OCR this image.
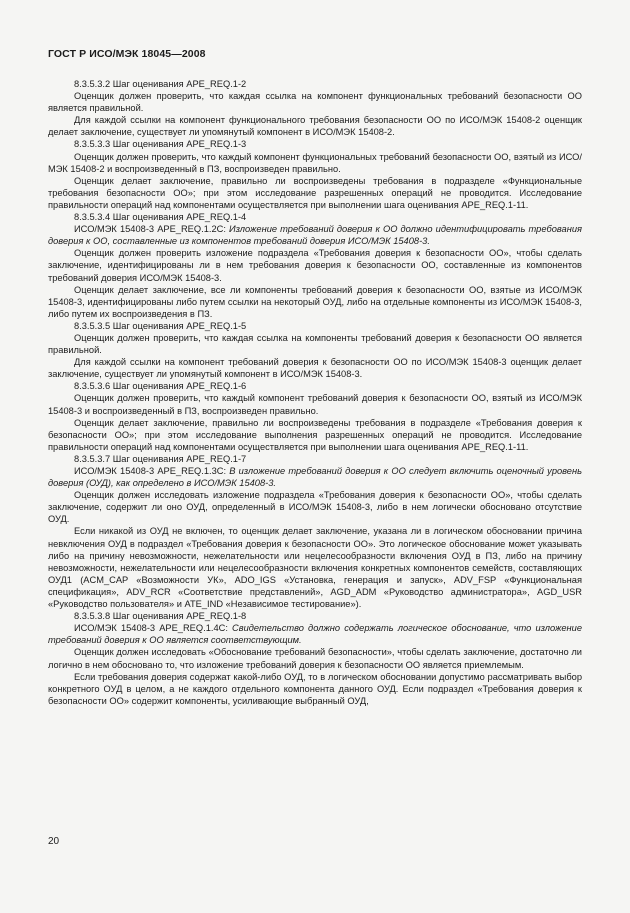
ГОСТ Р ИСО/МЭК 18045—2008

8.3.5.3.2 Шаг оценивания APE_REQ.1-2

Оценщик должен проверить, что каждая ссылка на компонент функциональных требований безопасности ОО является правильной.

Для каждой ссылки на компонент функционального требования безопасности ОО по ИСО/МЭК 15408-2 оценщик делает заключение, существует ли упомянутый компонент в ИСО/МЭК 15408-2.

8.3.5.3.3 Шаг оценивания APE_REQ.1-3

Оценщик должен проверить, что каждый компонент функциональных требований безопасности ОО, взятый из ИСО/МЭК 15408-2 и воспроизведенный в ПЗ, воспроизведен правильно.

Оценщик делает заключение, правильно ли воспроизведены требования в подразделе «Функциональные требования безопасности ОО»; при этом исследование разрешенных операций не проводится. Исследование правильности операций над компонентами осуществляется при выполнении шага оценивания APE_REQ.1-11.

8.3.5.3.4 Шаг оценивания APE_REQ.1-4

ИСО/МЭК 15408-3 APE_REQ.1.2C: Изложение требований доверия к ОО должно идентифицировать требования доверия к ОО, составленные из компонентов требований доверия ИСО/МЭК 15408-3.

Оценщик должен проверить изложение подраздела «Требования доверия к безопасности ОО», чтобы сделать заключение, идентифицированы ли в нем требования доверия к безопасности ОО, составленные из компонентов требований доверия ИСО/МЭК 15408-3.

Оценщик делает заключение, все ли компоненты требований доверия к безопасности ОО, взятые из ИСО/МЭК 15408-3, идентифицированы либо путем ссылки на некоторый ОУД, либо на отдельные компоненты из ИСО/МЭК 15408-3, либо путем их воспроизведения в ПЗ.

8.3.5.3.5 Шаг оценивания APE_REQ.1-5

Оценщик должен проверить, что каждая ссылка на компоненты требований доверия к безопасности ОО является правильной.

Для каждой ссылки на компонент требований доверия к безопасности ОО по ИСО/МЭК 15408-3 оценщик делает заключение, существует ли упомянутый компонент в ИСО/МЭК 15408-3.

8.3.5.3.6 Шаг оценивания APE_REQ.1-6

Оценщик должен проверить, что каждый компонент требований доверия к безопасности ОО, взятый из ИСО/МЭК 15408-3 и воспроизведенный в ПЗ, воспроизведен правильно.

Оценщик делает заключение, правильно ли воспроизведены требования в подразделе «Требования доверия к безопасности ОО»; при этом исследование выполнения разрешенных операций не проводится. Исследование правильности операций над компонентами осуществляется при выполнении шага оценивания APE_REQ.1-11.

8.3.5.3.7 Шаг оценивания APE_REQ.1-7

ИСО/МЭК 15408-3 APE_REQ.1.3C: В изложение требований доверия к ОО следует включить оценочный уровень доверия (ОУД), как определено в ИСО/МЭК 15408-3.

Оценщик должен исследовать изложение подраздела «Требования доверия к безопасности ОО», чтобы сделать заключение, содержит ли оно ОУД, определенный в ИСО/МЭК 15408-3, либо в нем логически обосновано отсутствие ОУД.

Если никакой из ОУД не включен, то оценщик делает заключение, указана ли в логическом обосновании причина невключения ОУД в подраздел «Требования доверия к безопасности ОО». Это логическое обоснование может указывать либо на причину невозможности, нежелательности или нецелесообразности включения ОУД в ПЗ, либо на причину невозможности, нежелательности или нецелесообразности включения конкретных компонентов семейств, составляющих ОУД1 (ACM_CAP «Возможности УК», ADO_IGS «Установка, генерация и запуск», ADV_FSP «Функциональная спецификация», ADV_RCR «Соответствие представлений», AGD_ADM «Руководство администратора», AGD_USR «Руководство пользователя» и ATE_IND «Независимое тестирование»).

8.3.5.3.8 Шаг оценивания APE_REQ.1-8

ИСО/МЭК 15408-3 APE_REQ.1.4C: Свидетельство должно содержать логическое обоснование, что изложение требований доверия к ОО является соответствующим.

Оценщик должен исследовать «Обоснование требований безопасности», чтобы сделать заключение, достаточно ли логично в нем обосновано то, что изложение требований доверия к безопасности ОО является приемлемым.

Если требования доверия содержат какой-либо ОУД, то в логическом обосновании допустимо рассматривать выбор конкретного ОУД в целом, а не каждого отдельного компонента данного ОУД. Если подраздел «Требования доверия к безопасности ОО» содержит компоненты, усиливающие выбранный ОУД,

20
